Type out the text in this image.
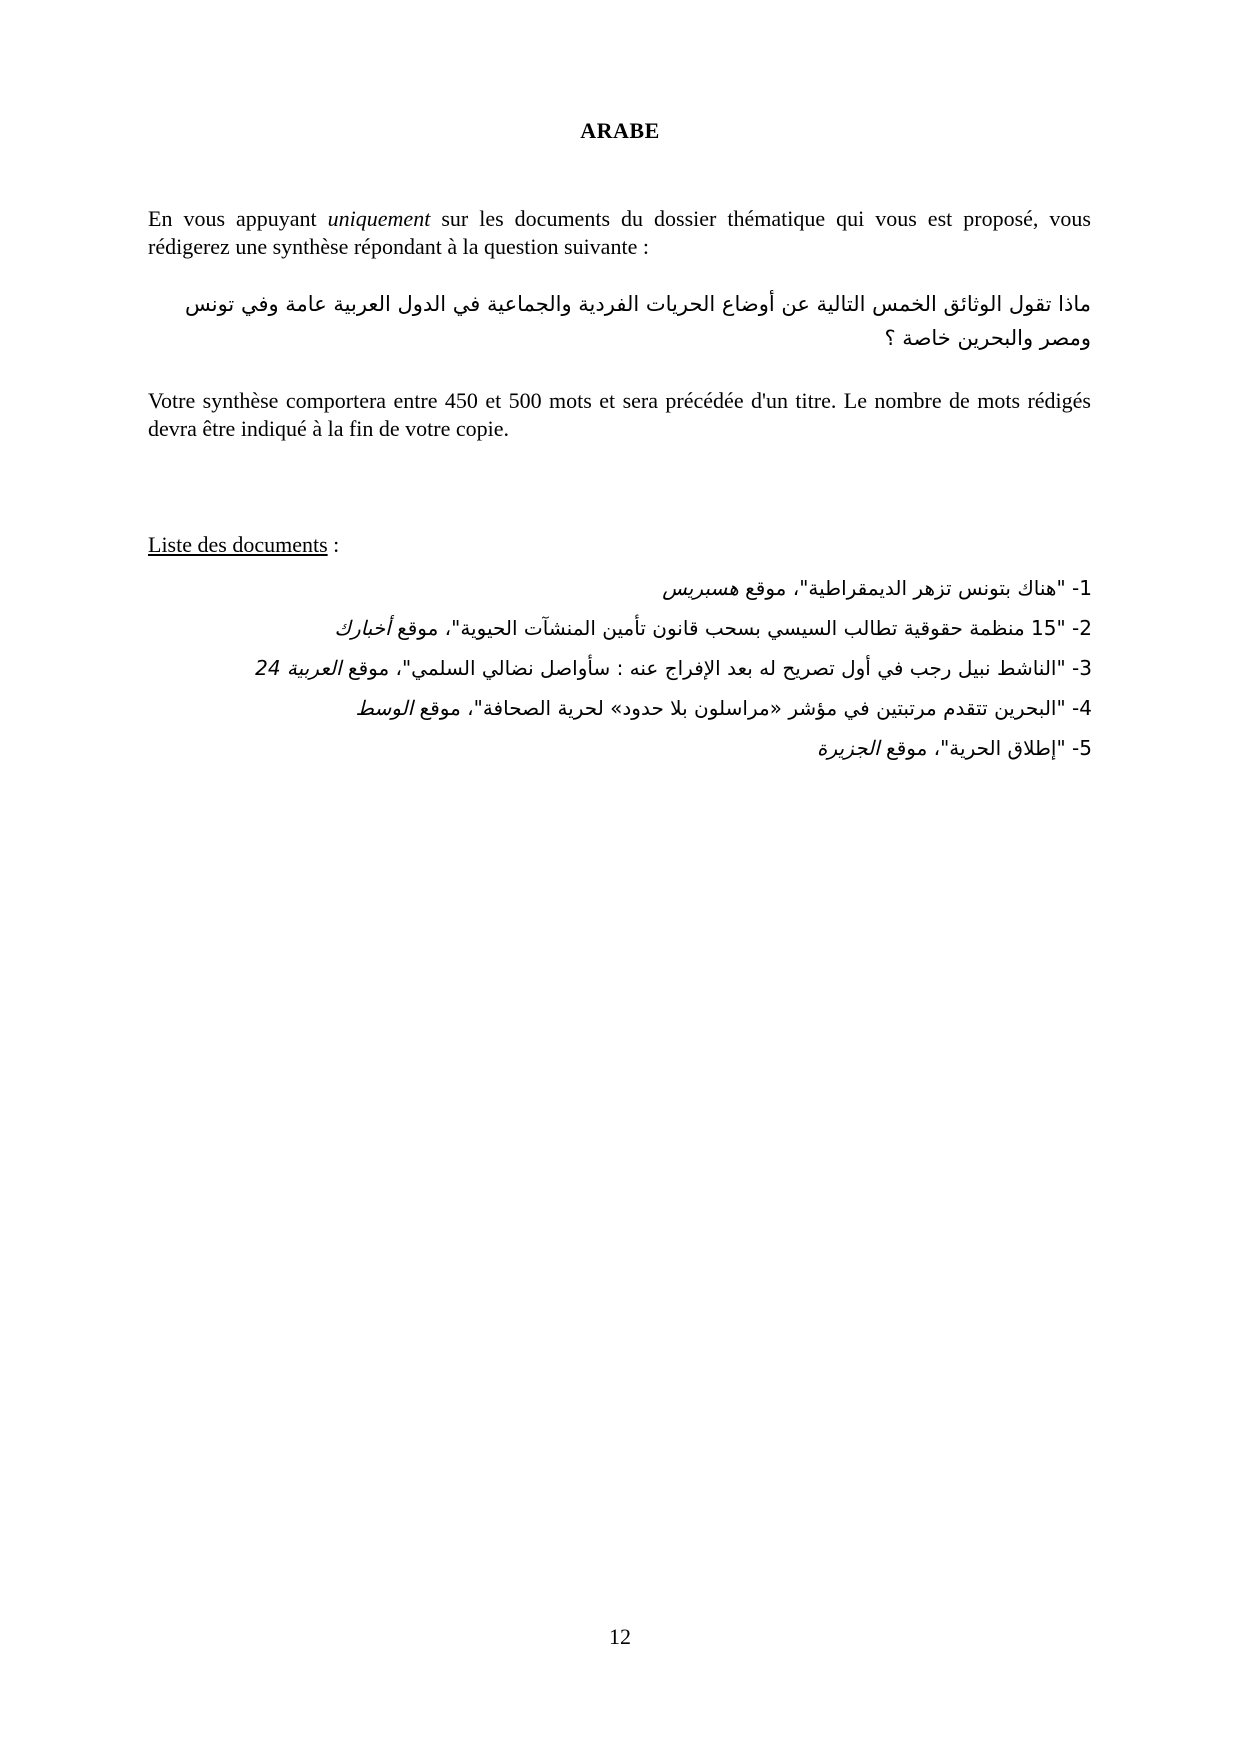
ARABE

En vous appuyant uniquement sur les documents du dossier thématique qui vous est proposé, vous rédigerez une synthèse répondant à la question suivante :

ماذا تقول الوثائق الخمس التالية عن أوضاع الحريات الفردية والجماعية في الدول العربية عامة وفي تونس ومصر والبحرين خاصة ؟

Votre synthèse comportera entre 450 et 500 mots et sera précédée d'un titre. Le nombre de mots rédigés devra être indiqué à la fin de votre copie.

Liste des documents :

1- "هناك بتونس تزهر الديمقراطية"، موقع هسبريس
2- "15 منظمة حقوقية تطالب السيسي بسحب قانون تأمين المنشآت الحيوية"، موقع أخبارك
3- "الناشط نبيل رجب في أول تصريح له بعد الإفراج عنه : سأواصل نضالي السلمي"، موقع العربية 24
4- "البحرين تتقدم مرتبتين في مؤشر «مراسلون بلا حدود» لحرية الصحافة"، موقع الوسط
5- "إطلاق الحرية"، موقع الجزيرة
12
